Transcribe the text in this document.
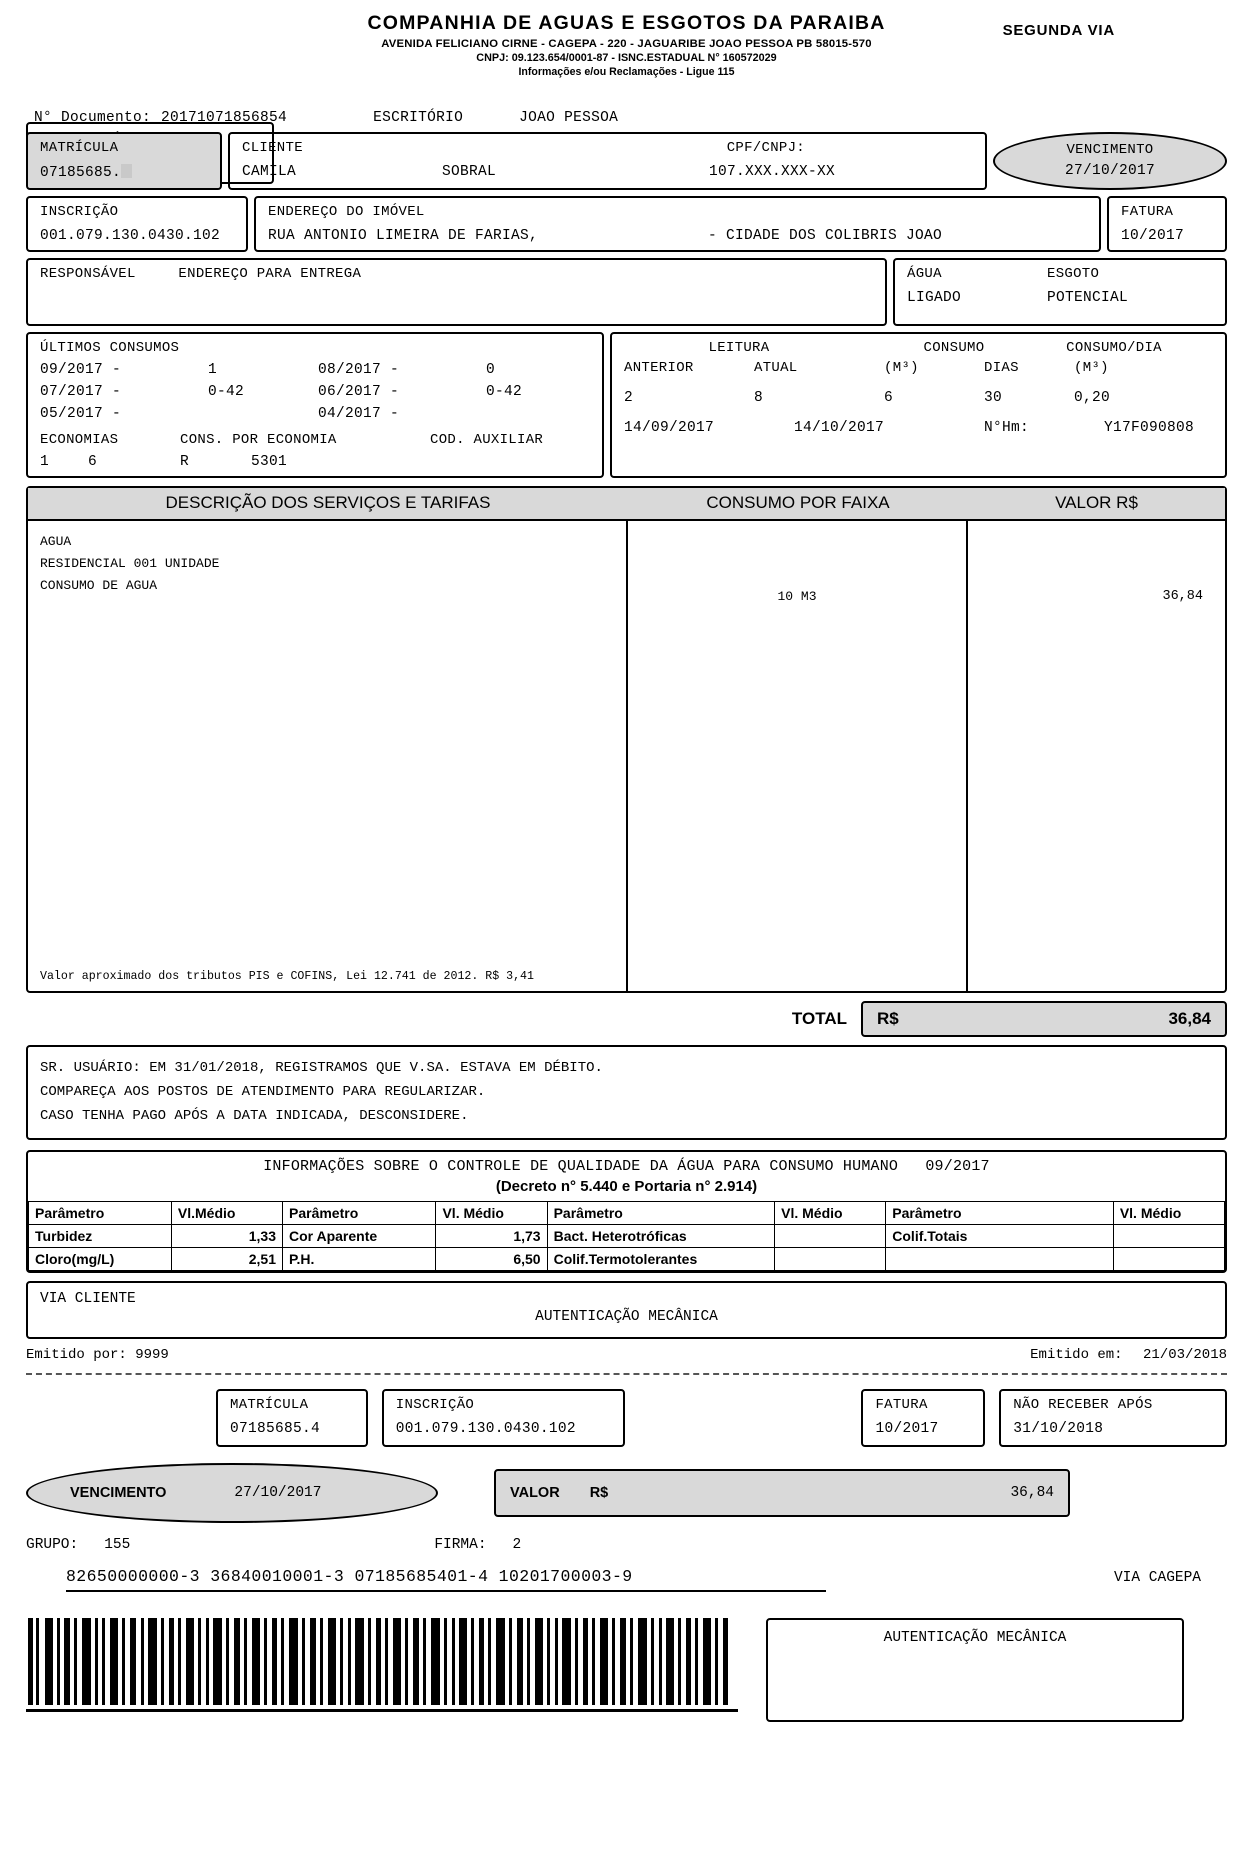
COMPANHIA DE AGUAS E ESGOTOS DA PARAIBA
AVENIDA FELICIANO CIRNE - CAGEPA - 220 - JAGUARIBE JOAO PESSOA PB 58015-570
CNPJ: 09.123.654/0001-87 - ISNC.ESTADUAL N° 160572029
Informações e/ou Reclamações - Ligue 115
SEGUNDA VIA
N° Documento: 20171071856854	ESCRITÓRIO	JOAO PESSOA
MATRÍCULA
07185685.
CLIENTE
CAMILA	SOBRAL
CPF/CNPJ:
107.XXX.XXX-XX
VENCIMENTO
27/10/2017
INSCRIÇÃO
001.079.130.0430.102
ENDEREÇO DO IMÓVEL
RUA ANTONIO LIMEIRA DE FARIAS,	- CIDADE DOS COLIBRIS JOAO
FATURA
10/2017
RESPONSÁVEL	ENDEREÇO PARA ENTREGA	ÁGUA	ESGOTO
LIGADO	POTENCIAL
ÚLTIMOS CONSUMOS
09/2017 -	1	08/2017 -	0
07/2017 -	0-42	06/2017 -	0-42
05/2017 -	04/2017 -
ECONOMIAS	CONS. POR ECONOMIA	COD. AUXILIAR
1	6	R	5301
LEITURA	CONSUMO	CONSUMO/DIA
ANTERIOR	ATUAL	(M³)	DIAS	(M³)
2	8	6	30	0,20
14/09/2017	14/10/2017	N°Hm:	Y17F090808
DESCRIÇÃO DOS SERVIÇOS E TARIFAS	CONSUMO POR FAIXA	VALOR R$
AGUA
RESIDENCIAL 001 UNIDADE
CONSUMO DE AGUA
Valor aproximado dos tributos PIS e COFINS, Lei 12.741 de 2012. R$ 3,41
10 M3	36,84
TOTAL R$	36,84
SR. USUÁRIO: EM 31/01/2018, REGISTRAMOS QUE V.SA. ESTAVA EM DÉBITO.
COMPAREÇA AOS POSTOS DE ATENDIMENTO PARA REGULARIZAR.
CASO TENHA PAGO APÓS A DATA INDICADA, DESCONSIDERE.
INFORMAÇÕES SOBRE O CONTROLE DE QUALIDADE DA ÁGUA PARA CONSUMO HUMANO 09/2017
(Decreto n° 5.440 e Portaria n° 2.914)
Parâmetro	Vl.Médio	Parâmetro	Vl. Médio	Parâmetro	Vl. Médio	Parâmetro	Vl. Médio
Turbidez	1,33	Cor Aparente	1,73	Bact. Heterotróficas		Colif.Totais	
Cloro(mg/L)	2,51	P.H.	6,50	Colif.Termotolerantes			
VIA CLIENTE
AUTENTICAÇÃO MECÂNICA
Emitido por: 9999	Emitido em: 21/03/2018
MATRÍCULA
07185685.4
INSCRIÇÃO
001.079.130.0430.102
FATURA
10/2017
NÃO RECEBER APÓS
31/10/2018
VENCIMENTO	27/10/2017	VALOR R$	36,84
GRUPO: 155	FIRMA: 2
82650000000-3 36840010001-3 07185685401-4 10201700003-9	VIA CAGEPA
AUTENTICAÇÃO MECÂNICA
